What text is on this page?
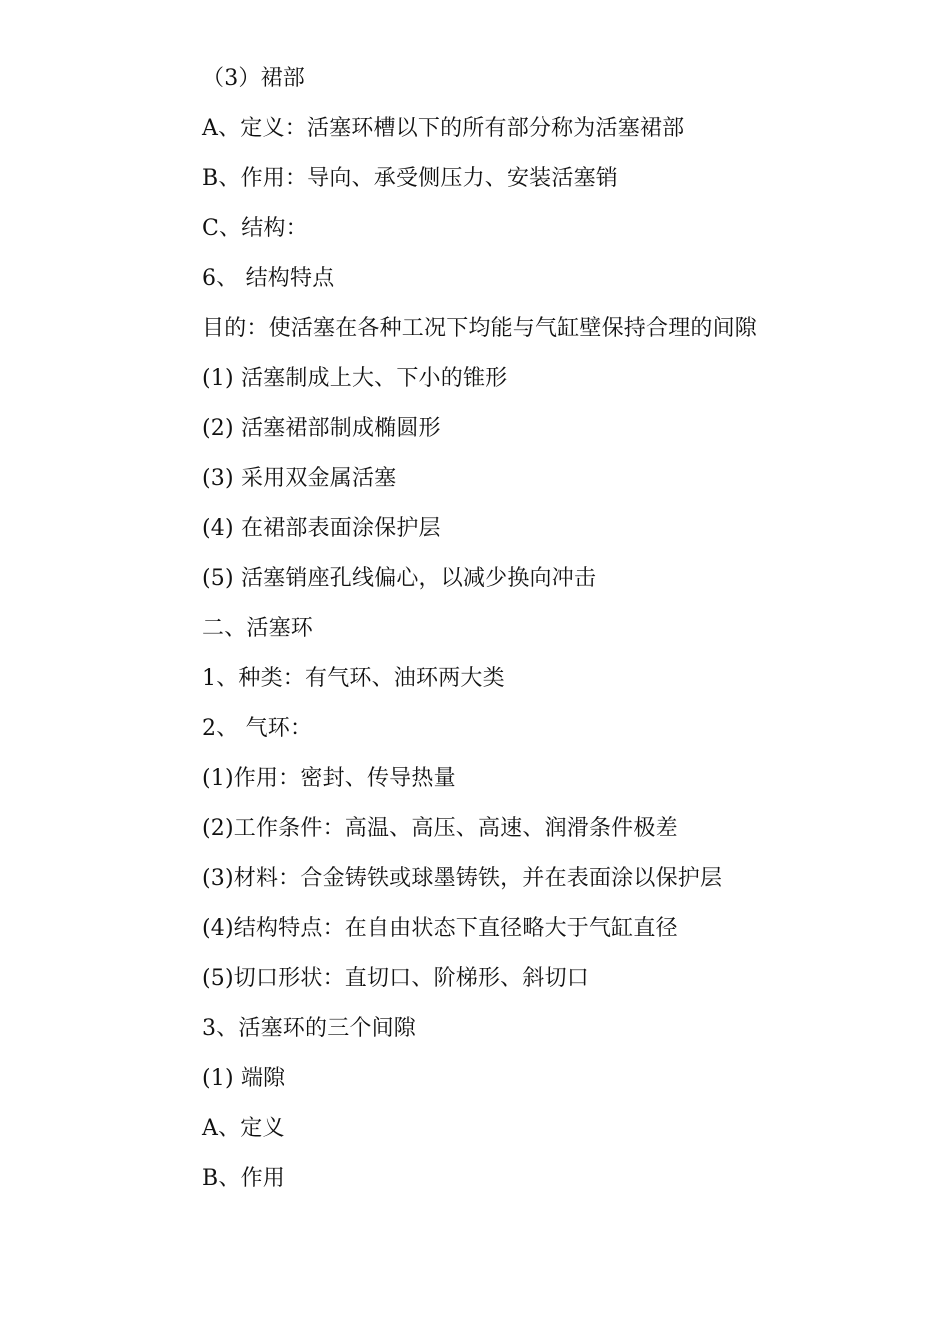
（3）裙部
A、定义：活塞环槽以下的所有部分称为活塞裙部
B、作用：导向、承受侧压力、安装活塞销
C、结构：
6、 结构特点
目的：使活塞在各种工况下均能与气缸壁保持合理的间隙
(1) 活塞制成上大、下小的锥形
(2) 活塞裙部制成椭圆形
(3) 采用双金属活塞
(4) 在裙部表面涂保护层
(5) 活塞销座孔线偏心，以减少换向冲击
二、活塞环
1、种类：有气环、油环两大类
2、 气环：
(1)作用：密封、传导热量
(2)工作条件：高温、高压、高速、润滑条件极差
(3)材料：合金铸铁或球墨铸铁，并在表面涂以保护层
(4)结构特点：在自由状态下直径略大于气缸直径
(5)切口形状：直切口、阶梯形、斜切口
3、活塞环的三个间隙
(1) 端隙
A、定义
B、作用
